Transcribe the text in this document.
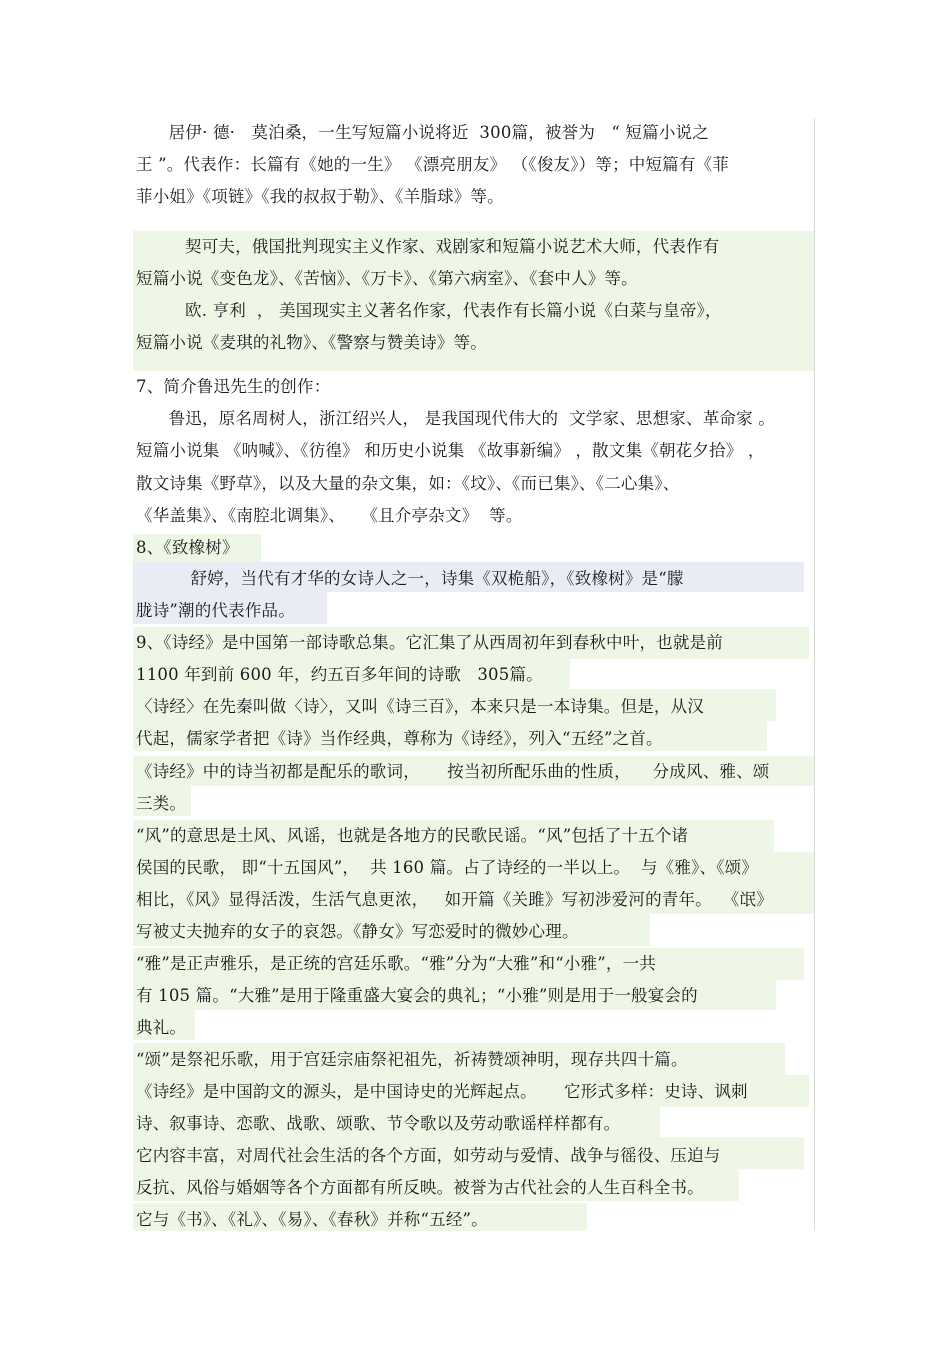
居伊· 德·   莫泊桑，一生写短篇小说将近  300篇，被誉为   “ 短篇小说之
王 ”。代表作：长篇有《她的一生》 《漂亮朋友》 （《俊友》）等；中短篇有《菲
菲小姐》《项链》《我的叔叔于勒》、《羊脂球》等。
契可夫，俄国批判现实主义作家、戏剧家和短篇小说艺术大师，代表作有
短篇小说《变色龙》、《苦恼》、《万卡》、《第六病室》、《套中人》等。
欧. 亨利  ， 美国现实主义著名作家，代表作有长篇小说《白菜与皇帝》，
短篇小说《麦琪的礼物》、《警察与赞美诗》等。
7、简介鲁迅先生的创作：
鲁迅，原名周树人，浙江绍兴人， 是我国现代伟大的  文学家、思想家、革命家 。
短篇小说集 《呐喊》、《彷徨》 和历史小说集 《故事新编》 ，散文集《朝花夕拾》 ，
散文诗集《野草》，以及大量的杂文集，如：《坟》、《而已集》、《二心集》、
《华盖集》、《南腔北调集》、   《且介亭杂文》  等。
8、《致橡树》
舒婷，当代有才华的女诗人之一，诗集《双桅船》，《致橡树》是“朦
胧诗”潮的代表作品。
9、《诗经》是中国第一部诗歌总集。它汇集了从西周初年到春秋中叶，也就是前
1100 年到前 600 年，约五百多年间的诗歌   305篇。
〈诗经〉在先秦叫做〈诗〉，又叫《诗三百》，本来只是一本诗集。但是，从汉
代起，儒家学者把《诗》当作经典，尊称为《诗经》，列入“五经”之首。
《诗经》中的诗当初都是配乐的歌词，     按当初所配乐曲的性质，    分成风、雅、颂
三类。
“风”的意思是土风、风谣，也就是各地方的民歌民谣。“风”包括了十五个诸
侯国的民歌， 即“十五国风”，  共 160 篇。占了诗经的一半以上。  与《雅》、《颂》
相比，《风》显得活泼，生活气息更浓，   如开篇《关雎》写初涉爱河的青年。  《氓》
写被丈夫抛弃的女子的哀怨。《静女》写恋爱时的微妙心理。
“雅”是正声雅乐，是正统的宫廷乐歌。“雅”分为“大雅”和“小雅”，一共
有 105 篇。“大雅”是用于隆重盛大宴会的典礼；“小雅”则是用于一般宴会的
典礼。
“颂”是祭祀乐歌，用于宫廷宗庙祭祀祖先，祈祷赞颂神明，现存共四十篇。
《诗经》是中国韵文的源头，是中国诗史的光辉起点。     它形式多样：史诗、讽刺
诗、叙事诗、恋歌、战歌、颂歌、节令歌以及劳动歌谣样样都有。
它内容丰富，对周代社会生活的各个方面，如劳动与爱情、战争与徭役、压迫与
反抗、风俗与婚姻等各个方面都有所反映。被誉为古代社会的人生百科全书。
它与《书》、《礼》、《易》、《春秋》并称“五经”。
